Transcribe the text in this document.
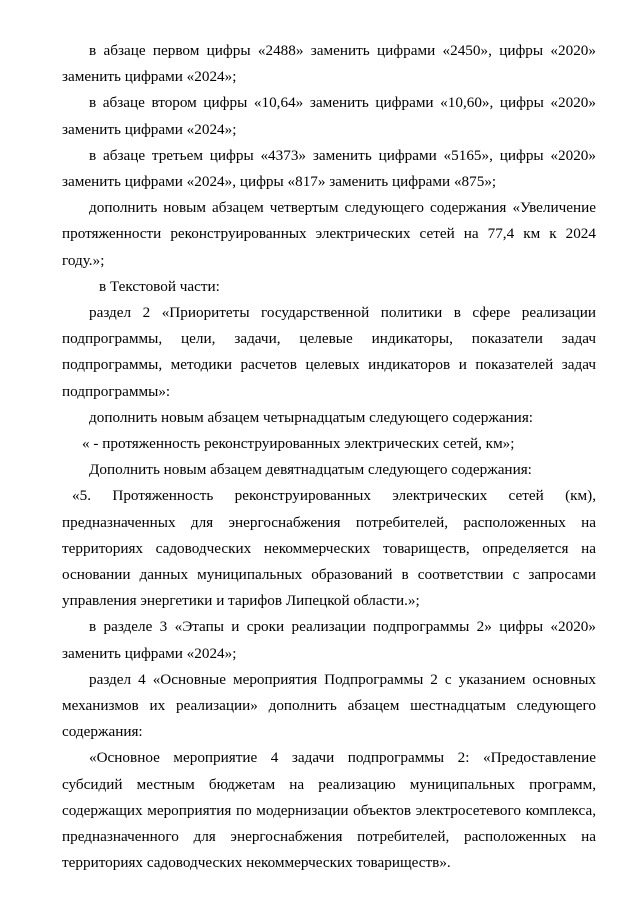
в абзаце первом цифры «2488» заменить цифрами «2450», цифры «2020» заменить цифрами «2024»;

в абзаце втором цифры «10,64» заменить цифрами «10,60», цифры «2020» заменить цифрами «2024»;

в абзаце третьем цифры «4373» заменить цифрами «5165», цифры «2020» заменить цифрами «2024», цифры «817» заменить цифрами «875»;

дополнить новым абзацем четвертым следующего содержания «Увеличение протяженности реконструированных электрических сетей на 77,4 км к 2024 году.»;

в Текстовой части:

раздел 2 «Приоритеты государственной политики в сфере реализации подпрограммы, цели, задачи, целевые индикаторы, показатели задач подпрограммы, методики расчетов целевых индикаторов и показателей задач подпрограммы»:

дополнить новым абзацем четырнадцатым следующего содержания:

« - протяженность реконструированных электрических сетей, км»;

Дополнить новым абзацем девятнадцатым следующего содержания:

«5. Протяженность реконструированных электрических сетей (км), предназначенных для энергоснабжения потребителей, расположенных на территориях садоводческих некоммерческих товариществ, определяется на основании данных муниципальных образований в соответствии с запросами управления энергетики и тарифов Липецкой области.»;

в разделе 3 «Этапы и сроки реализации подпрограммы 2» цифры «2020» заменить цифрами «2024»;

раздел 4 «Основные мероприятия Подпрограммы 2 с указанием основных механизмов их реализации» дополнить абзацем шестнадцатым следующего содержания:

«Основное мероприятие 4 задачи подпрограммы 2: «Предоставление субсидий местным бюджетам на реализацию муниципальных программ, содержащих мероприятия по модернизации объектов электросетевого комплекса, предназначенного для энергоснабжения потребителей, расположенных на территориях садоводческих некоммерческих товариществ».
